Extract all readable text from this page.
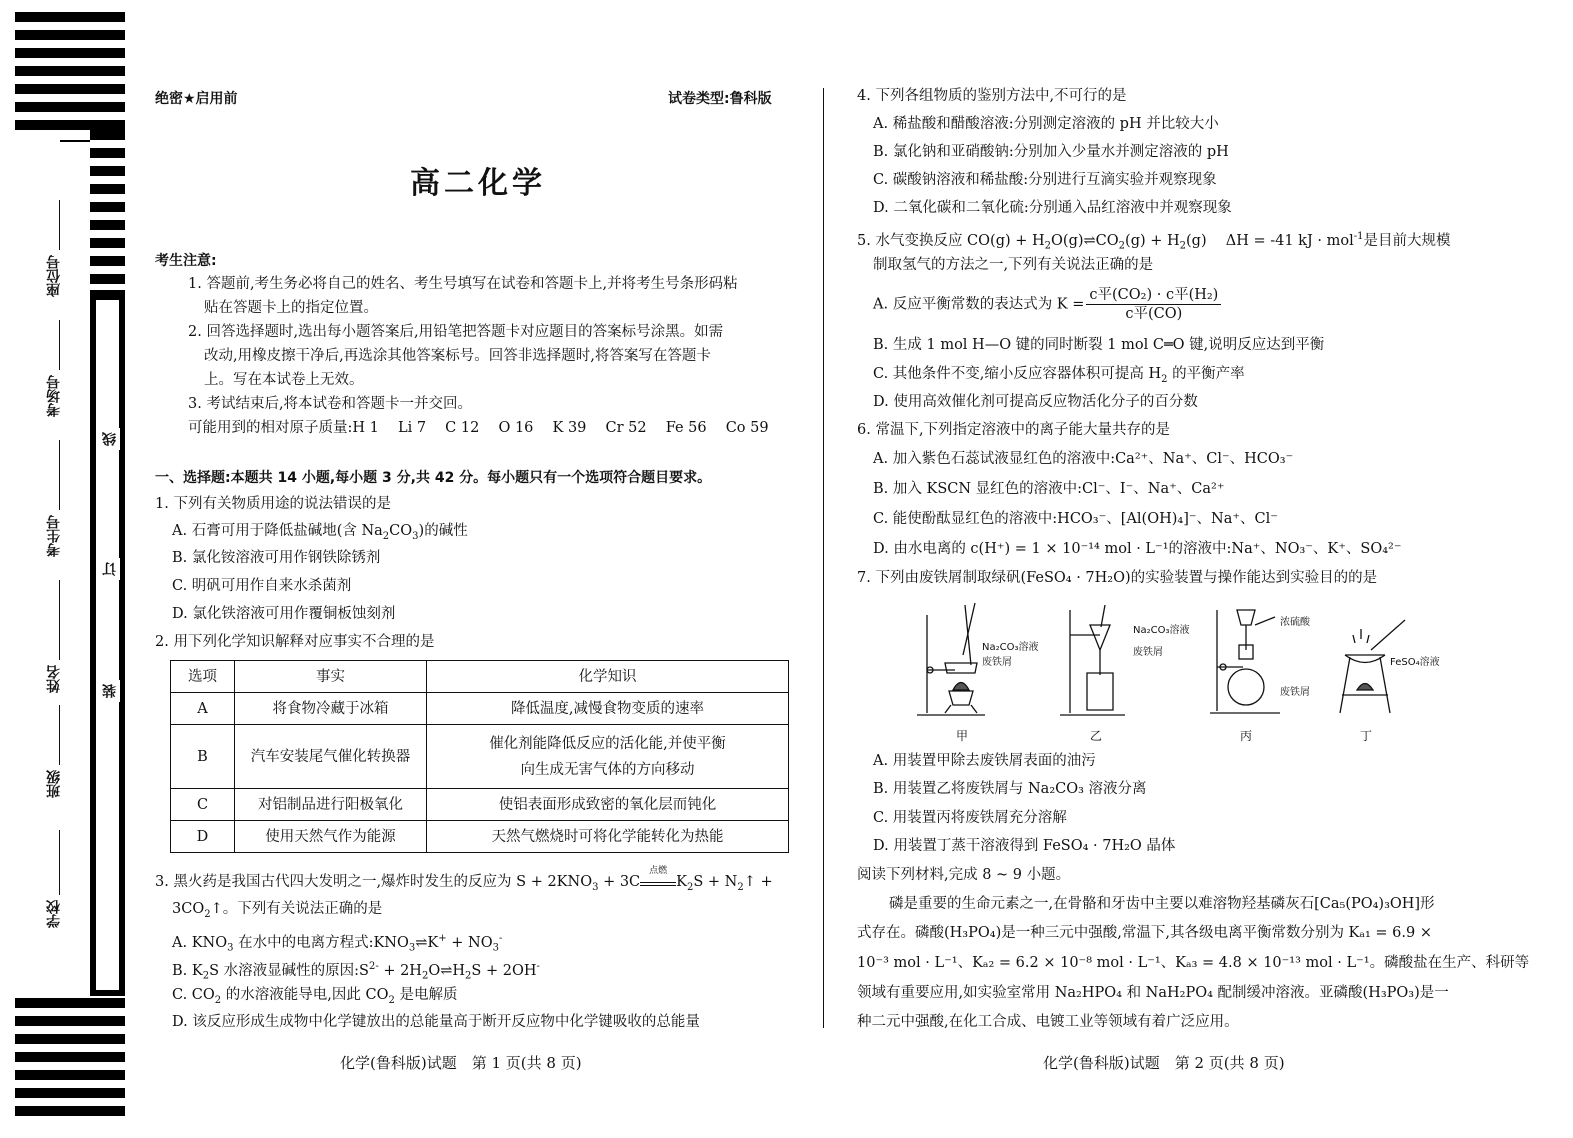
座位号
考场号
考生号
姓名
班级
学校
线
订
装
绝密★启用前	试卷类型:鲁科版
高二化学
考生注意:
1. 答题前,考生务必将自己的姓名、考生号填写在试卷和答题卡上,并将考生号条形码粘
贴在答题卡上的指定位置。
2. 回答选择题时,选出每小题答案后,用铅笔把答题卡对应题目的答案标号涂黑。如需
改动,用橡皮擦干净后,再选涂其他答案标号。回答非选择题时,将答案写在答题卡
上。写在本试卷上无效。
3. 考试结束后,将本试卷和答题卡一并交回。
可能用到的相对原子质量:H 1　 Li 7　 C 12　 O 16　 K 39　 Cr 52　 Fe 56　 Co 59
一、选择题:本题共 14 小题,每小题 3 分,共 42 分。每小题只有一个选项符合题目要求。
1. 下列有关物质用途的说法错误的是
A. 石膏可用于降低盐碱地(含 $Na_2CO_3$)的碱性
B. 氯化铵溶液可用作钢铁除锈剂
C. 明矾可用作自来水杀菌剂
D. 氯化铁溶液可用作覆铜板蚀刻剂
2. 用下列化学知识解释对应事实不合理的是
选项	事实	化学知识
A	将食物冷藏于冰箱	降低温度,减慢食物变质的速率
B	汽车安装尾气催化转换器	催化剂能降低反应的活化能,并使平衡
向生成无害气体的方向移动

C	对铝制品进行阳极氧化	使铝表面形成致密的氧化层而钝化
D	使用天然气作为能源	天然气燃烧时可将化学能转化为热能
3. 黑火药是我国古代四大发明之一,爆炸时发生的反应为 $S + 2KNO_3 + 3C$
点燃
$K_2S$ + $N_2↑$ +
$3CO_2↑$。下列有关说法正确的是
A. $KNO_3$ 在水中的电离方程式$:KNO_3\rightleftharpoons K^+ + NO_3^-$
B. $K_2S$ 水溶液显碱性的原因$:S^{2-}$ + $2H_2O\rightleftharpoons H_2S + 2OH^-$
C. $CO_2$ 的水溶液能导电,因此 $CO_2$ 是电解质
D. 该反应形成生成物中化学键放出的总能量高于断开反应物中化学键吸收的总能量
化学(鲁科版)试题　第 1 页(共 8 页)
4. 下列各组物质的鉴别方法中,不可行的是
A. 稀盐酸和醋酸溶液:分别测定溶液的 pH 并比较大小
B. 氯化钠和亚硝酸钠:分别加入少量水并测定溶液的 pH
C. 碳酸钠溶液和稀盐酸:分别进行互滴实验并观察现象
D. 二氧化碳和二氧化硫:分别通入品红溶液中并观察现象
5. 水气变换反应 $CO(g) + H_2O(g)\rightleftharpoons CO_2(g) + H_2(g)$　 ΔH = -41 kJ · mol$^{-1}$是目前大规模
制取氢气的方法之一,下列有关说法正确的是
A. 反应平衡常数的表达式为 $K = \frac{\text{c平(CO₂) · c平(H₂)}}{\text{c平(CO)}}$
B. 生成 1 mol H—O 键的同时断裂 1 mol C═O 键,说明反应达到平衡
C. 其他条件不变,缩小反应容器体积可提高 $H_2$ 的平衡产率
D. 使用高效催化剂可提高反应物活化分子的百分数
6. 常温下,下列指定溶液中的离子能大量共存的是
A. 加入紫色石蕊试液显红色的溶液中:Ca²⁺、Na⁺、Cl⁻、HCO₃⁻
B. 加入 KSCN 显红色的溶液中:Cl⁻、I⁻、Na⁺、Ca²⁺
C. 能使酚酞显红色的溶液中:HCO₃⁻、[Al(OH)₄]⁻、Na⁺、Cl⁻
D. 由水电离的 c(H⁺) = 1 × 10⁻¹⁴ mol · L⁻¹的溶液中:Na⁺、NO₃⁻、K⁺、SO₄²⁻
7. 下列由废铁屑制取绿矾(FeSO₄ · 7H₂O)的实验装置与操作能达到实验目的的是
Na₂CO₃溶液
废铁屑
Na₂CO₃溶液
废铁屑
浓硫酸
废铁屑
FeSO₄溶液
甲	乙	丙	丁
A. 用装置甲除去废铁屑表面的油污
B. 用装置乙将废铁屑与 Na₂CO₃ 溶液分离
C. 用装置丙将废铁屑充分溶解
D. 用装置丁蒸干溶液得到 FeSO₄ · 7H₂O 晶体
阅读下列材料,完成 8 ~ 9 小题。
磷是重要的生命元素之一,在骨骼和牙齿中主要以难溶物羟基磷灰石[Ca₅(PO₄)₃OH]形
式存在。磷酸(H₃PO₄)是一种三元中强酸,常温下,其各级电离平衡常数分别为 Kₐ₁ = 6.9 ×
10⁻³ mol · L⁻¹、Kₐ₂ = 6.2 × 10⁻⁸ mol · L⁻¹、Kₐ₃ = 4.8 × 10⁻¹³ mol · L⁻¹。磷酸盐在生产、科研等
领域有重要应用,如实验室常用 Na₂HPO₄ 和 NaH₂PO₄ 配制缓冲溶液。亚磷酸(H₃PO₃)是一
种二元中强酸,在化工合成、电镀工业等领域有着广泛应用。
化学(鲁科版)试题　第 2 页(共 8 页)
